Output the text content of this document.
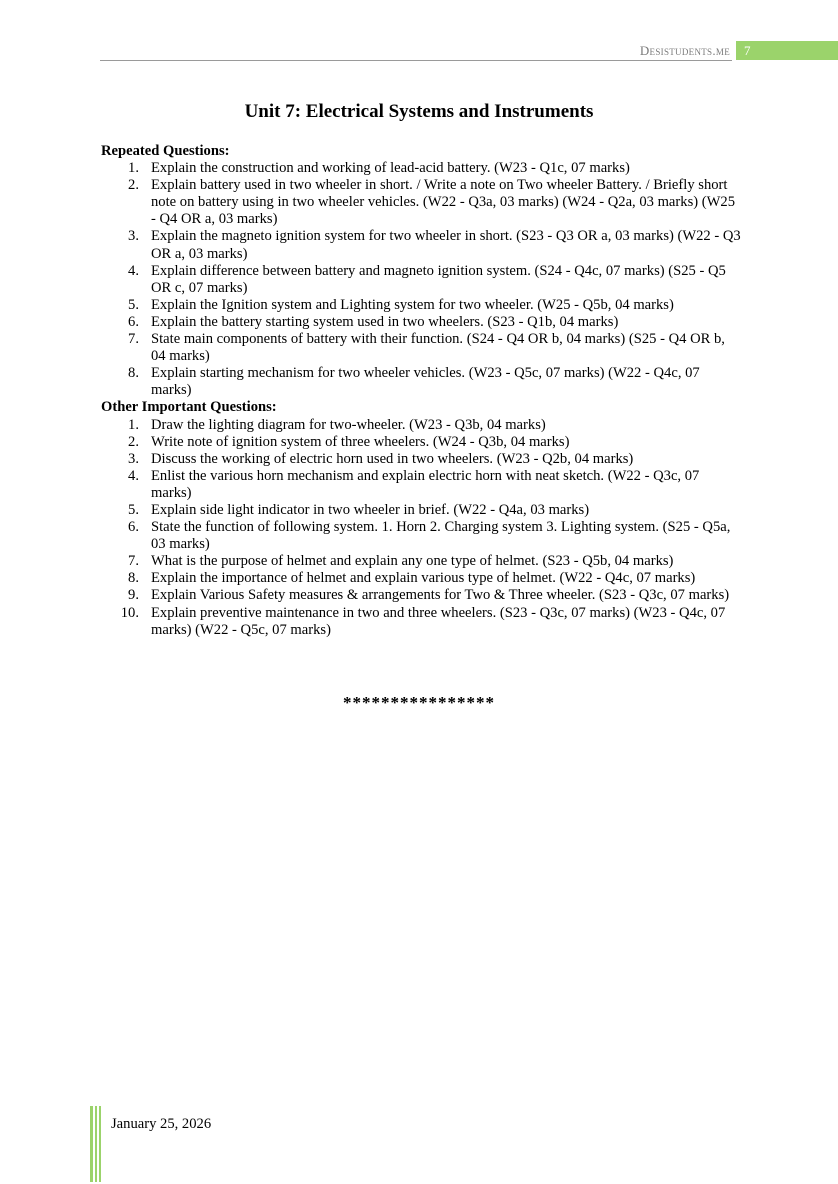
Desistudents.me	7
Unit 7: Electrical Systems and Instruments

Repeated Questions:

1. Explain the construction and working of lead-acid battery. (W23 - Q1c, 07 marks)
2. Explain battery used in two wheeler in short. / Write a note on Two wheeler Battery. / Briefly short note on battery using in two wheeler vehicles. (W22 - Q3a, 03 marks) (W24 - Q2a, 03 marks) (W25 - Q4 OR a, 03 marks)
3. Explain the magneto ignition system for two wheeler in short. (S23 - Q3 OR a, 03 marks) (W22 - Q3 OR a, 03 marks)
4. Explain difference between battery and magneto ignition system. (S24 - Q4c, 07 marks) (S25 - Q5 OR c, 07 marks)
5. Explain the Ignition system and Lighting system for two wheeler. (W25 - Q5b, 04 marks)
6. Explain the battery starting system used in two wheelers. (S23 - Q1b, 04 marks)
7. State main components of battery with their function. (S24 - Q4 OR b, 04 marks) (S25 - Q4 OR b, 04 marks)
8. Explain starting mechanism for two wheeler vehicles. (W23 - Q5c, 07 marks) (W22 - Q4c, 07 marks)

Other Important Questions:

1. Draw the lighting diagram for two-wheeler. (W23 - Q3b, 04 marks)
2. Write note of ignition system of three wheelers. (W24 - Q3b, 04 marks)
3. Discuss the working of electric horn used in two wheelers. (W23 - Q2b, 04 marks)
4. Enlist the various horn mechanism and explain electric horn with neat sketch. (W22 - Q3c, 07 marks)
5. Explain side light indicator in two wheeler in brief. (W22 - Q4a, 03 marks)
6. State the function of following system. 1. Horn 2. Charging system 3. Lighting system. (S25 - Q5a, 03 marks)
7. What is the purpose of helmet and explain any one type of helmet. (S23 - Q5b, 04 marks)
8. Explain the importance of helmet and explain various type of helmet. (W22 - Q4c, 07 marks)
9. Explain Various Safety measures & arrangements for Two & Three wheeler. (S23 - Q3c, 07 marks)
10. Explain preventive maintenance in two and three wheelers. (S23 - Q3c, 07 marks) (W23 - Q4c, 07 marks) (W22 - Q5c, 07 marks)
****************
January 25, 2026
